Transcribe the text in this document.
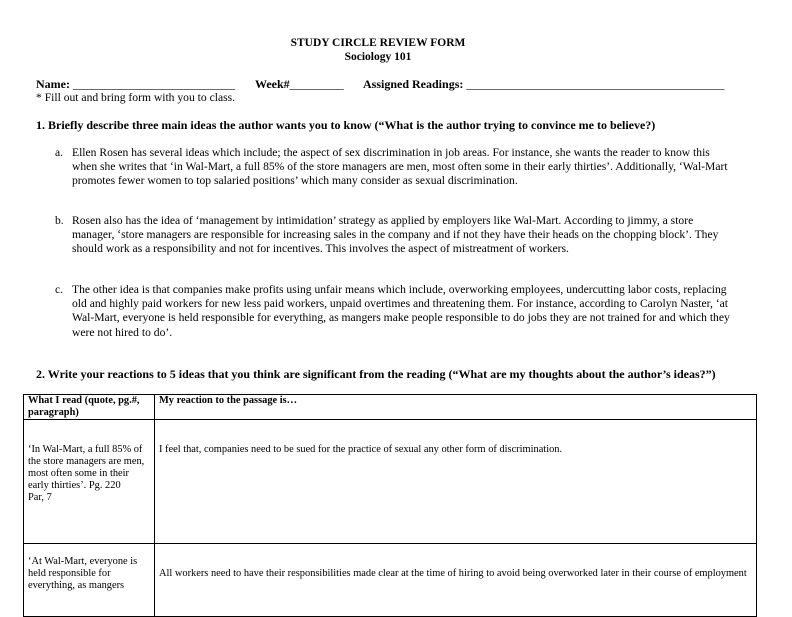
STUDY CIRCLE REVIEW FORM
Sociology 101
Name: ___________________________ Week#_________ Assigned Readings: ___________________________________________
* Fill out and bring form with you to class.
1. Briefly describe three main ideas the author wants you to know (“What is the author trying to convince me to believe?)
a. Ellen Rosen has several ideas which include; the aspect of sex discrimination in job areas. For instance, she wants the reader to know this when she writes that ‘in Wal-Mart, a full 85% of the store managers are men, most often some in their early thirties’. Additionally, ‘Wal-Mart promotes fewer women to top salaried positions’ which many consider as sexual discrimination.
b. Rosen also has the idea of ‘management by intimidation’ strategy as applied by employers like Wal-Mart. According to jimmy, a store manager, ‘store managers are responsible for increasing sales in the company and if not they have their heads on the chopping block’. They should work as a responsibility and not for incentives. This involves the aspect of mistreatment of workers.
c. The other idea is that companies make profits using unfair means which include, overworking employees, undercutting labor costs, replacing old and highly paid workers for new less paid workers, unpaid overtimes and threatening them. For instance, according to Carolyn Naster, ‘at Wal-Mart, everyone is held responsible for everything, as mangers make people responsible to do jobs they are not trained for and which they were not hired to do’.
2. Write your reactions to 5 ideas that you think are significant from the reading (“What are my thoughts about the author’s ideas?”)
What I read (quote, pg.#, paragraph)	My reaction to the passage is…
‘In Wal-Mart, a full 85% of the store managers are men, most often some in their early thirties’. Pg. 220
Par, 7	I feel that, companies need to be sued for the practice of sexual any other form of discrimination.
‘At Wal-Mart, everyone is held responsible for everything, as mangers	All workers need to have their responsibilities made clear at the time of hiring to avoid being overworked later in their course of employment
